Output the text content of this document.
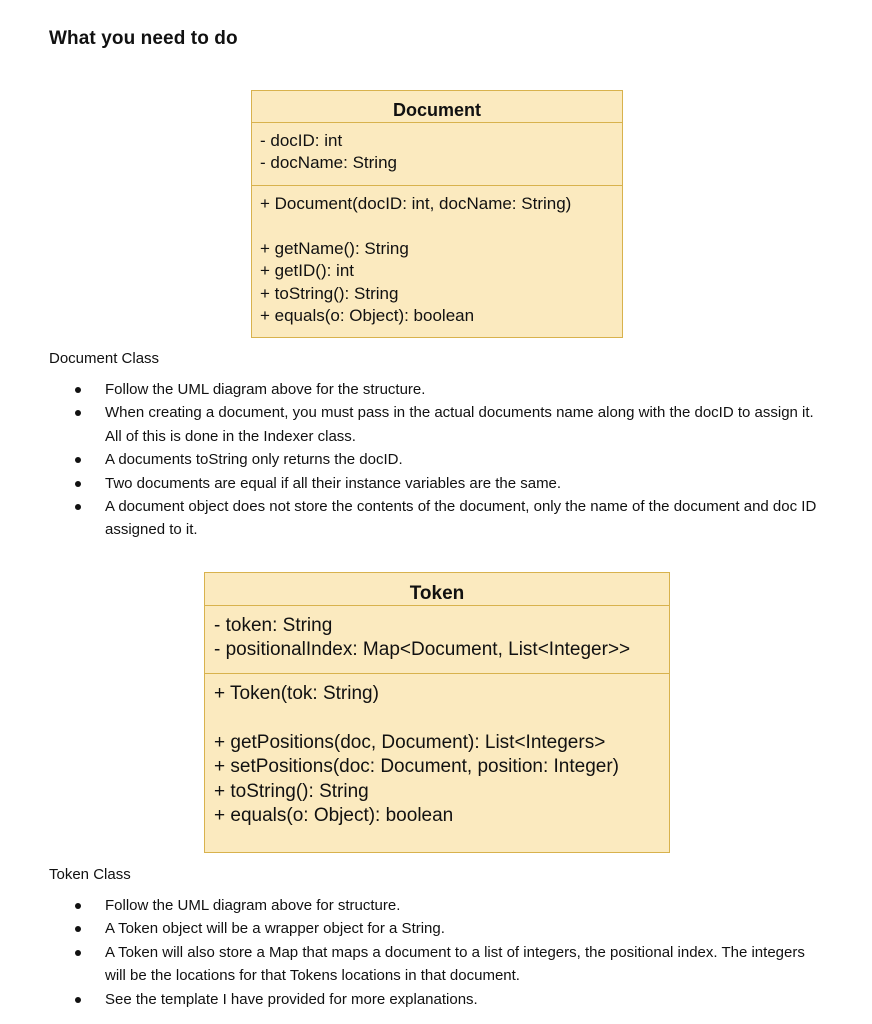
What you need to do
Document
- docID: int
- docName: String
+ Document(docID: int, docName: String)
+ getName(): String
+ getID(): int
+ toString(): String
+ equals(o: Object): boolean
Document Class
Follow the UML diagram above for the structure.
When creating a document, you must pass in the actual documents name along with the docID to assign it. All of this is done in the Indexer class.
A documents toString only returns the docID.
Two documents are equal if all their instance variables are the same.
A document object does not store the contents of the document, only the name of the document and doc ID assigned to it.
Token
- token: String
- positionalIndex: Map<Document, List<Integer>>
+ Token(tok: String)
+ getPositions(doc, Document): List<Integers>
+ setPositions(doc: Document, position: Integer)
+ toString(): String
+ equals(o: Object): boolean
Token Class
Follow the UML diagram above for structure.
A Token object will be a wrapper object for a String.
A Token will also store a Map that maps a document to a list of integers, the positional index. The integers will be the locations for that Tokens locations in that document.
See the template I have provided for more explanations.
